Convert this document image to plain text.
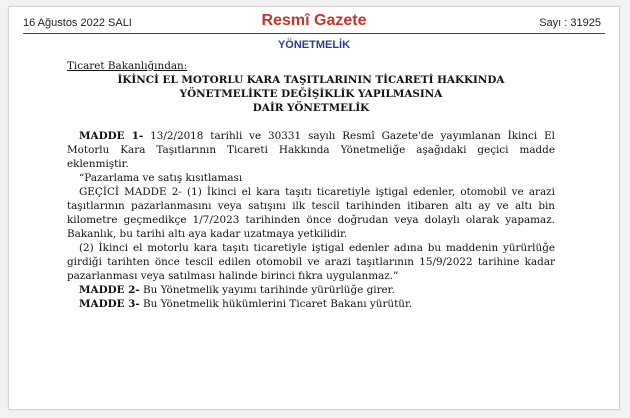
16 Ağustos 2022 SALI	Resmî Gazete	Sayı : 31925
YÖNETMELİK

Ticaret Bakanlığından:

İKİNCİ EL MOTORLU KARA TAŞITLARININ TİCARETİ HAKKINDA

YÖNETMELİKTE DEĞİŞİKLİK YAPILMASINA

DAİR YÖNETMELİK

MADDE 1- 13/2/2018 tarihli ve 30331 sayılı Resmî Gazete'de yayımlanan İkinci El Motorlu Kara Taşıtlarının Ticareti Hakkında Yönetmeliğe aşağıdaki geçici madde eklenmiştir.

“Pazarlama ve satış kısıtlaması

GEÇİCİ MADDE 2- (1) İkinci el kara taşıtı ticaretiyle iştigal edenler, otomobil ve arazi taşıtlarının pazarlanmasını veya satışını ilk tescil tarihinden itibaren altı ay ve altı bin kilometre geçmedikçe 1/7/2023 tarihinden önce doğrudan veya dolaylı olarak yapamaz. Bakanlık, bu tarihi altı aya kadar uzatmaya yetkilidir.

(2) İkinci el motorlu kara taşıtı ticaretiyle iştigal edenler adına bu maddenin yürürlüğe girdiği tarihten önce tescil edilen otomobil ve arazi taşıtlarının 15/9/2022 tarihine kadar pazarlanması veya satılması halinde birinci fıkra uygulanmaz.”

MADDE 2- Bu Yönetmelik yayımı tarihinde yürürlüğe girer.

MADDE 3- Bu Yönetmelik hükümlerini Ticaret Bakanı yürütür.
